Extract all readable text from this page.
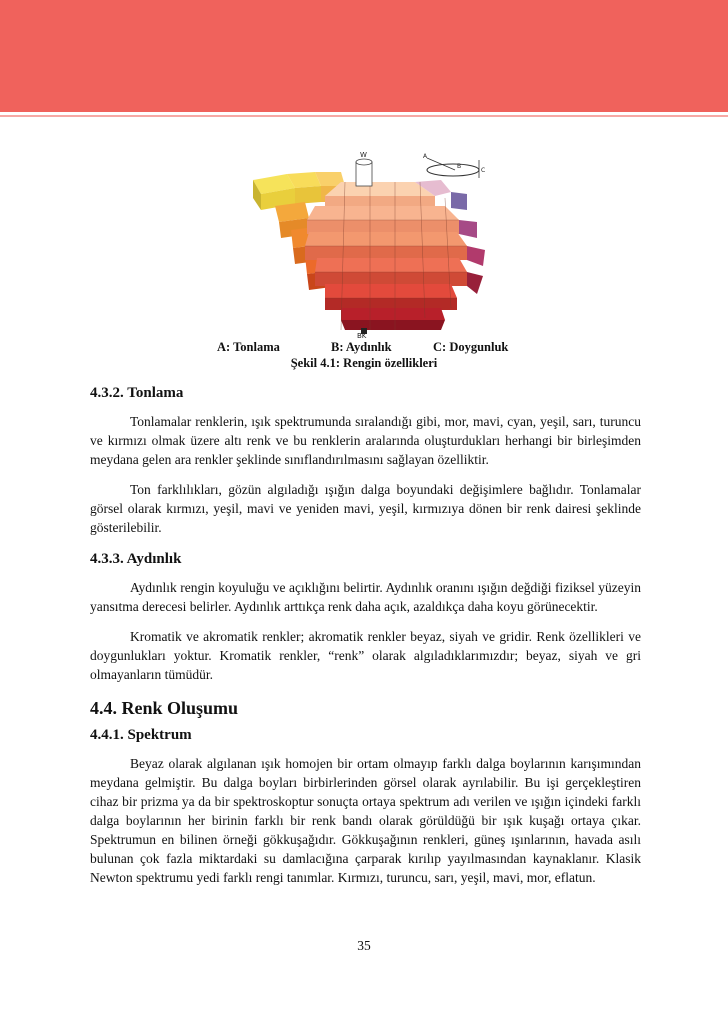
W
BK
A
B
C
A: Tonlama	B: Aydınlık	C: Doygunluk
Şekil 4.1: Rengin özellikleri
4.3.2. Tonlama

Tonlamalar renklerin, ışık spektrumunda sıralandığı gibi, mor, mavi, cyan, yeşil, sarı, turuncu ve kırmızı olmak üzere altı renk ve bu renklerin aralarında oluşturdukları herhangi bir birleşimden meydana gelen ara renkler şeklinde sınıflandırılmasını sağlayan özelliktir.

Ton farklılıkları, gözün algıladığı ışığın dalga boyundaki değişimlere bağlıdır. Tonlamalar görsel olarak kırmızı, yeşil, mavi ve yeniden mavi, yeşil, kırmızıya dönen bir renk dairesi şeklinde gösterilebilir.

4.3.3. Aydınlık

Aydınlık rengin koyuluğu ve açıklığını belirtir. Aydınlık oranını ışığın değdiği fiziksel yüzeyin yansıtma derecesi belirler. Aydınlık arttıkça renk daha açık, azaldıkça daha koyu görünecektir.

Kromatik ve akromatik renkler; akromatik renkler beyaz, siyah ve gridir. Renk özellikleri ve doygunlukları yoktur. Kromatik renkler, “renk” olarak algıladıklarımızdır; beyaz, siyah ve gri olmayanların tümüdür.

4.4. Renk Oluşumu
4.4.1. Spektrum

Beyaz olarak algılanan ışık homojen bir ortam olmayıp farklı dalga boylarının karışımından meydana gelmiştir. Bu dalga boyları birbirlerinden görsel olarak ayrılabilir. Bu işi gerçekleştiren cihaz bir prizma ya da bir spektroskoptur sonuçta ortaya spektrum adı verilen ve ışığın içindeki farklı dalga boylarının her birinin farklı bir renk bandı olarak görüldüğü bir ışık kuşağı ortaya çıkar. Spektrumun en bilinen örneği gökkuşağıdır. Gökkuşağının renkleri, güneş ışınlarının, havada asılı bulunan çok fazla miktardaki su damlacığına çarparak kırılıp yayılmasından kaynaklanır. Klasik Newton spektrumu yedi farklı rengi tanımlar. Kırmızı, turuncu, sarı, yeşil, mavi, mor, eflatun.

35
